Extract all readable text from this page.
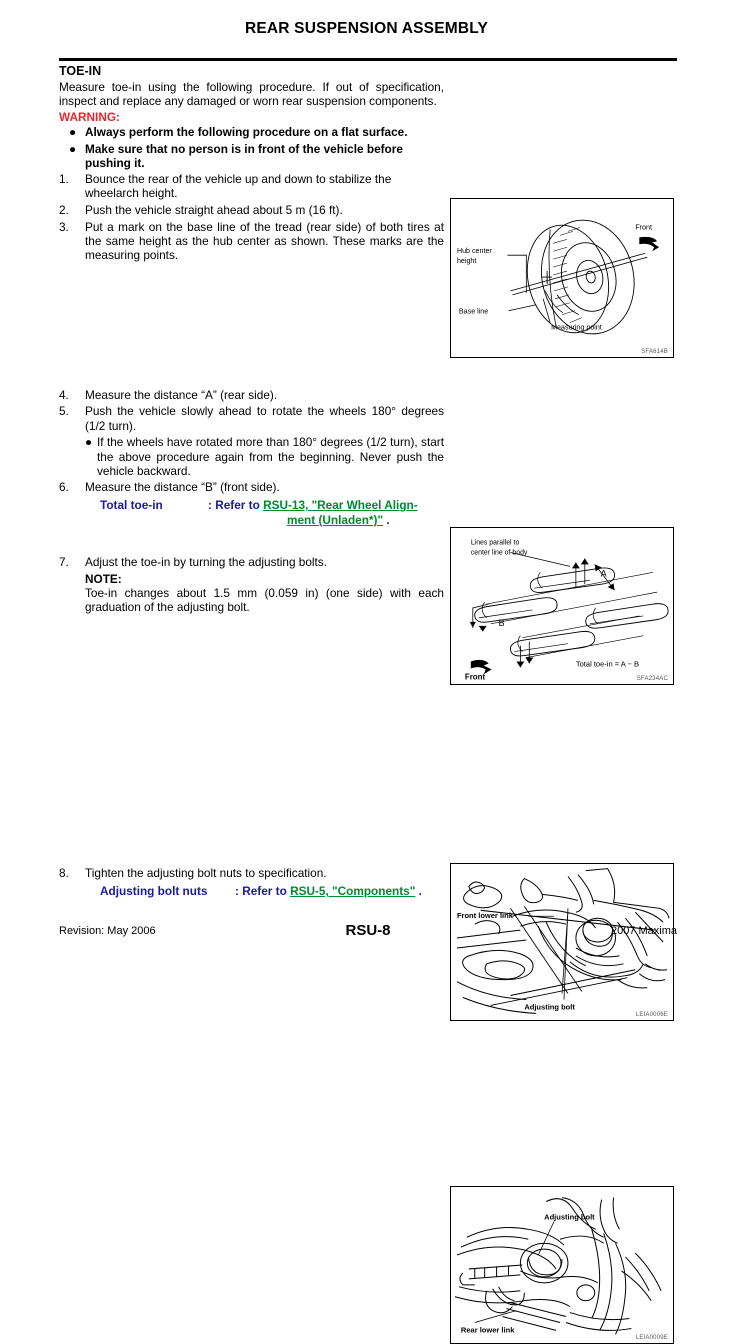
REAR SUSPENSION ASSEMBLY
TOE-IN
Measure toe-in using the following procedure. If out of specification, inspect and replace any damaged or worn rear suspension components.
WARNING:
● Always perform the following procedure on a flat surface.
● Make sure that no person is in front of the vehicle before pushing it.
1.	Bounce the rear of the vehicle up and down to stabilize the wheelarch height.
2.	Push the vehicle straight ahead about 5 m (16 ft).
3.	Put a mark on the base line of the tread (rear side) of both tires at the same height as the hub center as shown. These marks are the measuring points.
4.	Measure the distance “A” (rear side).
5.	Push the vehicle slowly ahead to rotate the wheels 180° degrees (1/2 turn).
● If the wheels have rotated more than 180° degrees (1/2 turn), start the above procedure again from the beginning. Never push the vehicle backward.
6.	Measure the distance “B” (front side).
Total toe-in	: Refer to RSU-13, "Rear Wheel Align-
ment (Unladen*)" .
7.	Adjust the toe-in by turning the adjusting bolts.
NOTE:
Toe-in changes about 1.5 mm (0.059 in) (one side) with each graduation of the adjusting bolt.
Hub center
height
Base line
Measuring point
Front
SFA614B
Lines parallel to
center line of body
A
B
Total toe-in = A − B
Front	SFA234AC
Front lower link
Adjusting bolt
LEIA0006E
Adjusting bolt
Rear lower link
LEIA0009E
8.	Tighten the adjusting bolt nuts to specification.
Adjusting bolt nuts	: Refer to RSU-5, "Components" .
Revision: May 2006	RSU-8	2007 Maxima
